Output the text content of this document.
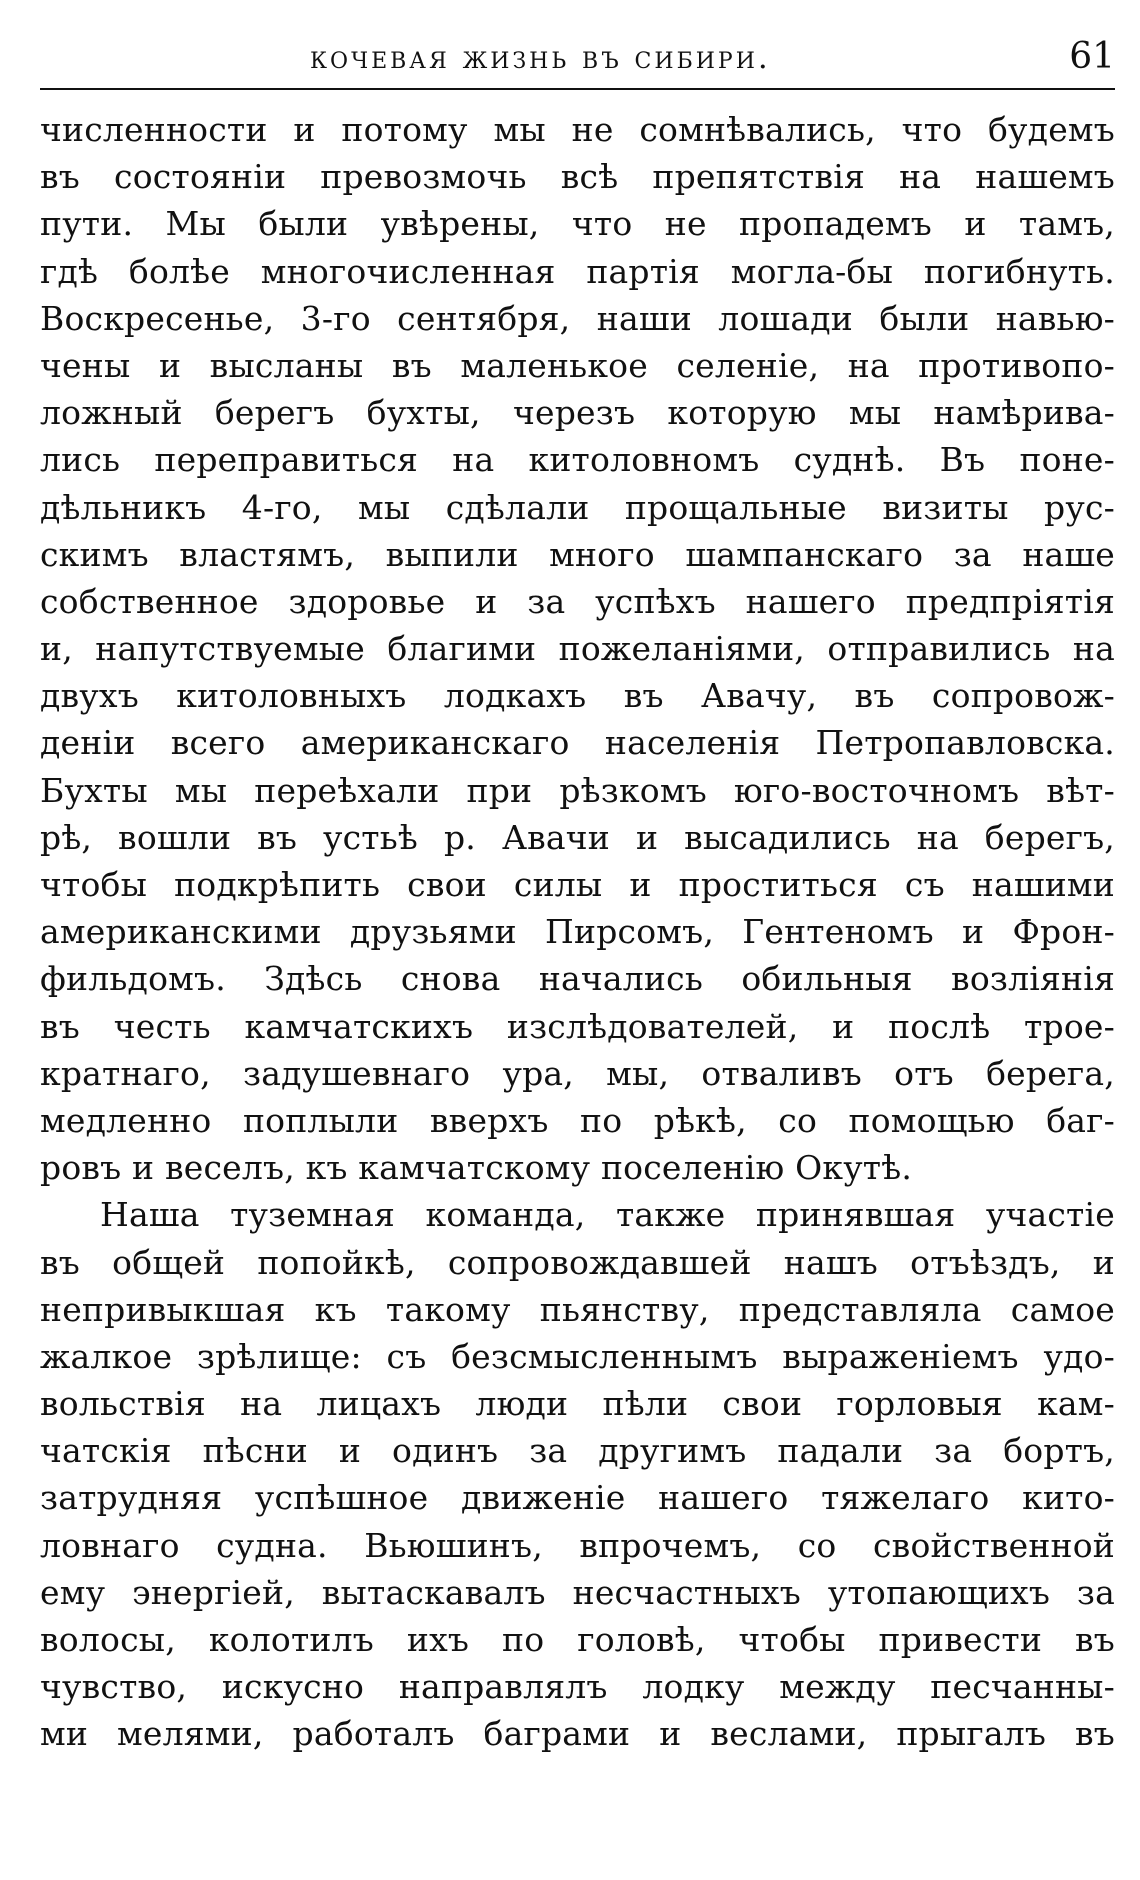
кочевая жизнь въ сибири.	61
численности и потому мы не сомнѣвались, что будемъ
въ состояніи превозмочь всѣ препятствія на нашемъ
пути. Мы были увѣрены, что не пропадемъ и тамъ,
гдѣ болѣе многочисленная партія могла-бы погибнуть.
Воскресенье, 3-го сентября, наши лошади были навью-
чены и высланы въ маленькое селеніе, на противопо-
ложный берегъ бухты, черезъ которую мы намѣрива-
лись переправиться на китоловномъ суднѣ. Въ поне-
дѣльникъ 4-го, мы сдѣлали прощальные визиты рус-
скимъ властямъ, выпили много шампанскаго за наше
собственное здоровье и за успѣхъ нашего предпріятія
и, напутствуемые благими пожеланіями, отправились на
двухъ китоловныхъ лодкахъ въ Авачу, въ сопровож-
деніи всего американскаго населенія Петропавловска.
Бухты мы переѣхали при рѣзкомъ юго-восточномъ вѣт-
рѣ, вошли въ устьѣ р. Авачи и высадились на берегъ,
чтобы подкрѣпить свои силы и проститься съ нашими
американскими друзьями Пирсомъ, Гентеномъ и Фрон-
фильдомъ. Здѣсь снова начались обильныя возліянія
въ честь камчатскихъ изслѣдователей, и послѣ трое-
кратнаго, задушевнаго ура, мы, отваливъ отъ берега,
медленно поплыли вверхъ по рѣкѣ, со помощью баг-
ровъ и веселъ, къ камчатскому поселенію Окутѣ.
Наша туземная команда, также принявшая участіе
въ общей попойкѣ, сопровождавшей нашъ отъѣздъ, и
непривыкшая къ такому пьянству, представляла самое
жалкое зрѣлище: съ безсмысленнымъ выраженіемъ удо-
вольствія на лицахъ люди пѣли свои горловыя кам-
чатскія пѣсни и одинъ за другимъ падали за бортъ,
затрудняя успѣшное движеніе нашего тяжелаго кито-
ловнаго судна. Вьюшинъ, впрочемъ, со свойственной
ему энергіей, вытаскавалъ несчастныхъ утопающихъ за
волосы, колотилъ ихъ по головѣ, чтобы привести въ
чувство, искусно направлялъ лодку между песчанны-
ми мелями, работалъ баграми и веслами, прыгалъ въ
